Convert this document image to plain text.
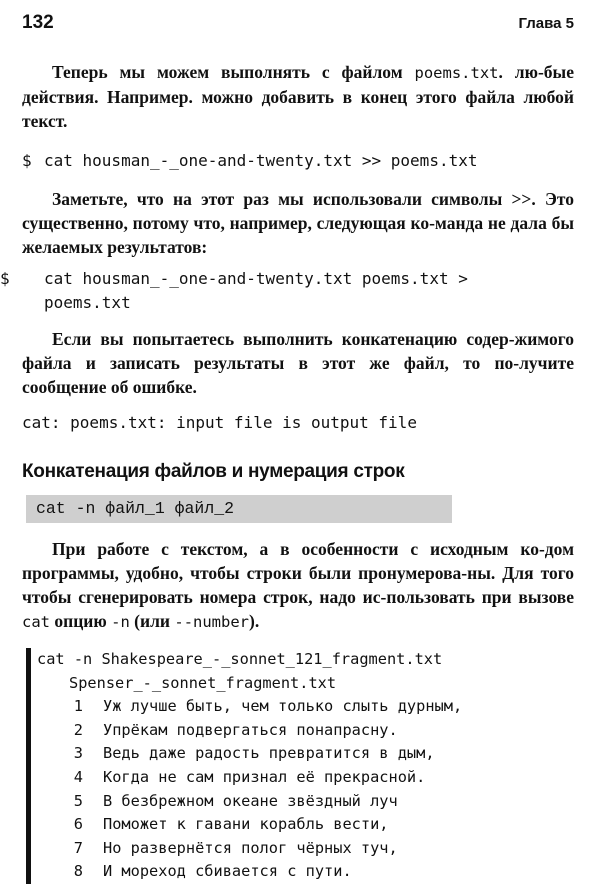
132	Глава 5

Теперь мы можем выполнять с файлом poems.txt. лю-бые действия. Например. можно добавить в конец этого файла любой текст.

$ cat housman_-_one-and-twenty.txt >> poems.txt

Заметьте, что на этот раз мы использовали символы >>. Это существенно, потому что, например, следующая ко-манда не дала бы желаемых результатов:

$ cat housman_-_one-and-twenty.txt poems.txt > poems.txt

Если вы попытаетесь выполнить конкатенацию содер-жимого файла и записать результаты в этот же файл, то по-лучите сообщение об ошибке.

cat: poems.txt: input file is output file

Конкатенация файлов и нумерация строк
cat -n файл_1 файл_2

При работе с текстом, а в особенности с исходным ко-дом программы, удобно, чтобы строки были пронумерова-ны. Для того чтобы сгенерировать номера строк, надо ис-пользовать при вызове cat опцию -n (или --number).

cat -n Shakespeare_-_sonnet_121_fragment.txt
Spenser_-_sonnet_fragment.txt
1	Уж лучше быть, чем только слыть дурным,
2	Упрёкам подвергаться понапрасну.
3	Ведь даже радость превратится в дым,
4	Когда не сам признал её прекрасной.
5	В безбрежном океане звёздный луч
6	Поможет к гавани корабль вести,
7	Но развернётся полог чёрных туч,
8	И мореход сбивается с пути.
